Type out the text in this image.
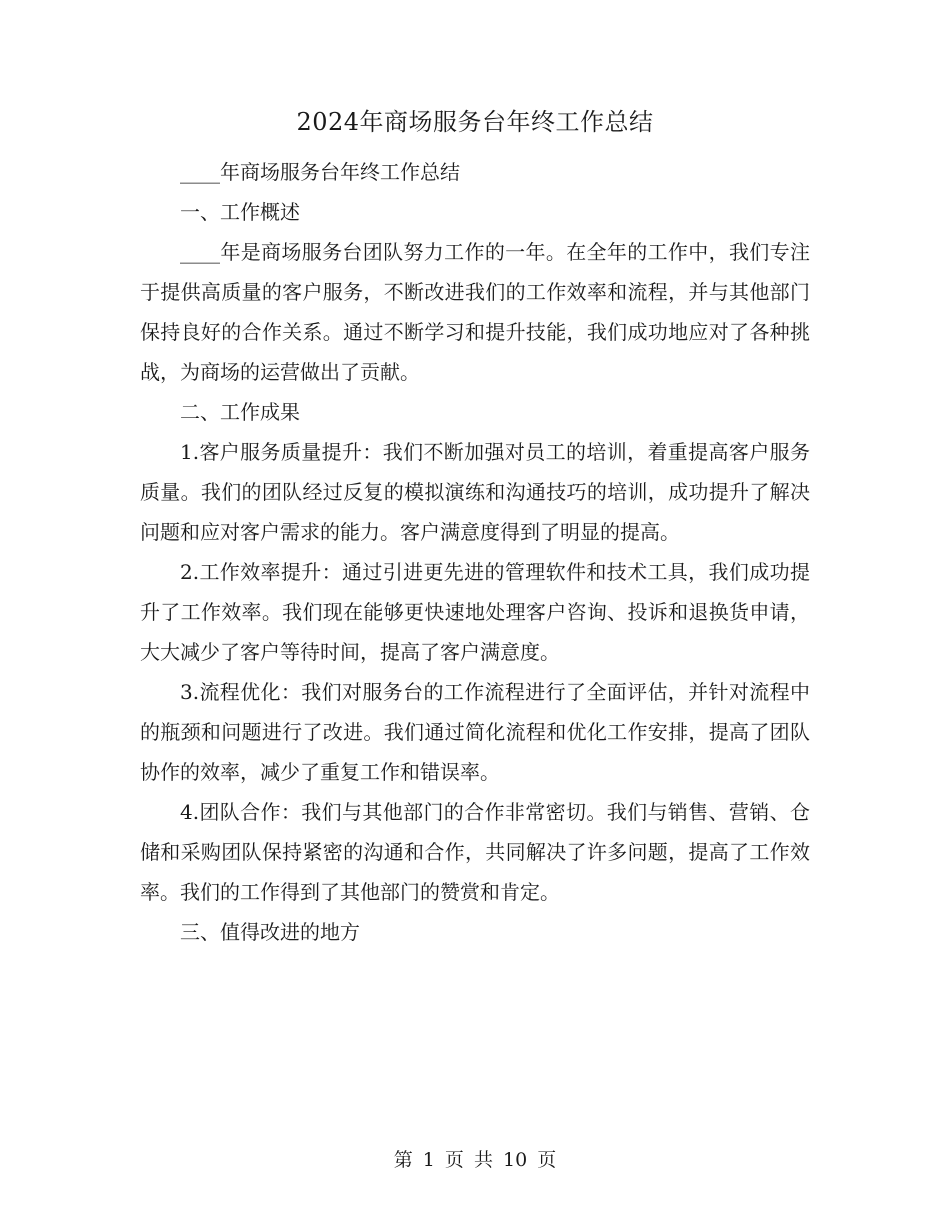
2024年商场服务台年终工作总结

____年商场服务台年终工作总结

一、工作概述

____年是商场服务台团队努力工作的一年。在全年的工作中，我们专注于提供高质量的客户服务，不断改进我们的工作效率和流程，并与其他部门保持良好的合作关系。通过不断学习和提升技能，我们成功地应对了各种挑战，为商场的运营做出了贡献。

二、工作成果

1.客户服务质量提升：我们不断加强对员工的培训，着重提高客户服务质量。我们的团队经过反复的模拟演练和沟通技巧的培训，成功提升了解决问题和应对客户需求的能力。客户满意度得到了明显的提高。

2.工作效率提升：通过引进更先进的管理软件和技术工具，我们成功提升了工作效率。我们现在能够更快速地处理客户咨询、投诉和退换货申请，大大减少了客户等待时间，提高了客户满意度。

3.流程优化：我们对服务台的工作流程进行了全面评估，并针对流程中的瓶颈和问题进行了改进。我们通过简化流程和优化工作安排，提高了团队协作的效率，减少了重复工作和错误率。

4.团队合作：我们与其他部门的合作非常密切。我们与销售、营销、仓储和采购团队保持紧密的沟通和合作，共同解决了许多问题，提高了工作效率。我们的工作得到了其他部门的赞赏和肯定。

三、值得改进的地方

第 1 页 共 10 页
